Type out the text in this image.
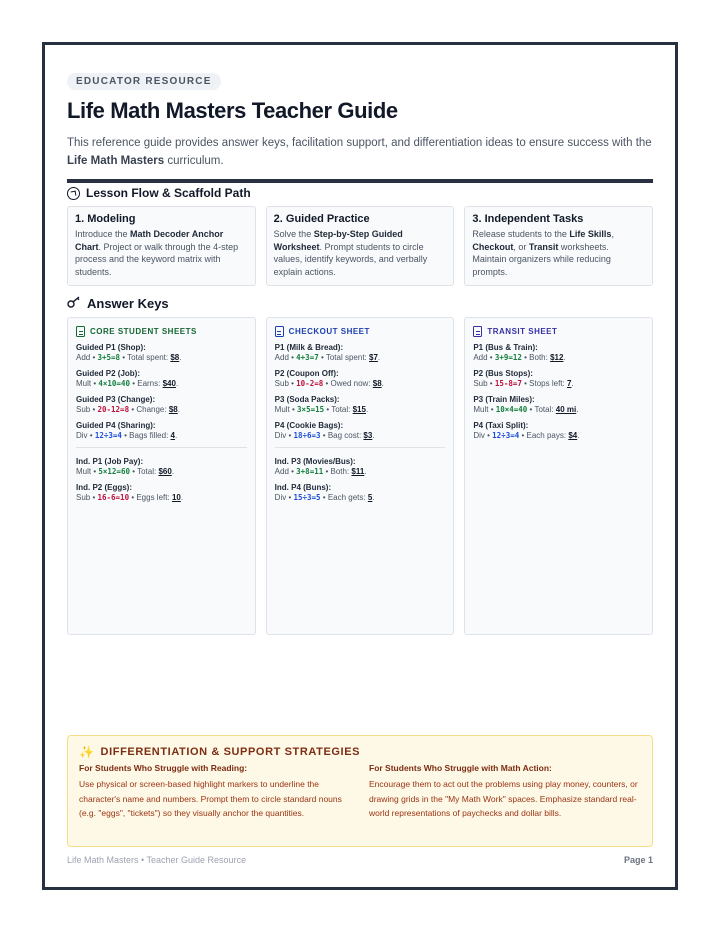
EDUCATOR RESOURCE
Life Math Masters Teacher Guide

This reference guide provides answer keys, facilitation support, and differentiation ideas to ensure success with the Life Math Masters curriculum.

Lesson Flow & Scaffold Path
1. Modeling
Introduce the Math Decoder Anchor Chart. Project or walk through the 4-step process and the keyword matrix with students.
2. Guided Practice
Solve the Step-by-Step Guided Worksheet. Prompt students to circle values, identify keywords, and verbally explain actions.
3. Independent Tasks
Release students to the Life Skills, Checkout, or Transit worksheets. Maintain organizers while reducing prompts.
Answer Keys
CORE STUDENT SHEETS
Guided P1 (Shop):
Add • 3+5=8 • Total spent: $8.
Guided P2 (Job):
Mult • 4×10=40 • Earns: $40.
Guided P3 (Change):
Sub • 20-12=8 • Change: $8.
Guided P4 (Sharing):
Div • 12÷3=4 • Bags filled: 4.
Ind. P1 (Job Pay):
Mult • 5×12=60 • Total: $60.
Ind. P2 (Eggs):
Sub • 16-6=10 • Eggs left: 10.
CHECKOUT SHEET
P1 (Milk & Bread):
Add • 4+3=7 • Total spent: $7.
P2 (Coupon Off):
Sub • 10-2=8 • Owed now: $8.
P3 (Soda Packs):
Mult • 3×5=15 • Total: $15.
P4 (Cookie Bags):
Div • 18÷6=3 • Bag cost: $3.
Ind. P3 (Movies/Bus):
Add • 3+8=11 • Both: $11.
Ind. P4 (Buns):
Div • 15÷3=5 • Each gets: 5.
TRANSIT SHEET
P1 (Bus & Train):
Add • 3+9=12 • Both: $12.
P2 (Bus Stops):
Sub • 15-8=7 • Stops left: 7.
P3 (Train Miles):
Mult • 10×4=40 • Total: 40 mi.
P4 (Taxi Split):
Div • 12÷3=4 • Each pays: $4.
✨ DIFFERENTIATION & SUPPORT STRATEGIES
For Students Who Struggle with Reading:
Use physical or screen-based highlight markers to underline the character's name and numbers. Prompt them to circle standard nouns (e.g. "eggs", "tickets") so they visually anchor the quantities.
For Students Who Struggle with Math Action:
Encourage them to act out the problems using play money, counters, or drawing grids in the "My Math Work" spaces. Emphasize standard real-world representations of paychecks and dollar bills.
Life Math Masters • Teacher Guide Resource	Page 1
